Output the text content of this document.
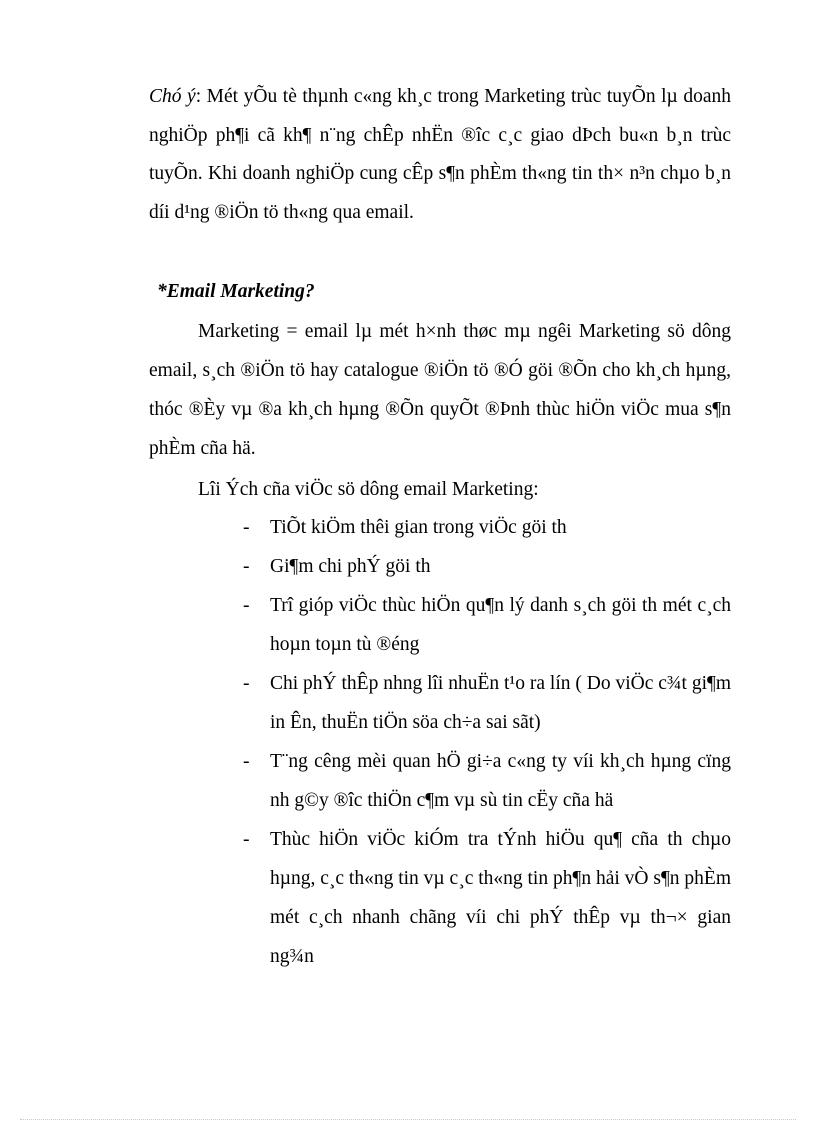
Chó ý: Mét yÕu tè thµnh c«ng kh¸c trong Marketing trùc tuyÕn lµ doanh nghiÖp ph¶i cã kh¶ n¨ng chÊp nhËn ®îc c¸c giao dÞch bu«n b¸n trùc tuyÕn. Khi doanh nghiÖp cung cÊp s¶n phÈm th«ng tin th× n³n chµo b¸n díi d¹ng ®iÖn tö th«ng qua email.
*Email Marketing?
Marketing = email lµ mét h×nh thøc mµ ngêi Marketing sö dông email, s¸ch ®iÖn tö hay catalogue ®iÖn tö ®Ó göi ®Õn cho kh¸ch hµng, thóc ®Èy vµ ®a kh¸ch hµng ®Õn quyÕt ®Þnh thùc hiÖn viÖc mua s¶n phÈm cña hä.
Lîi Ých cña viÖc sö dông email Marketing:
- TiÕt kiÖm thêi gian trong viÖc göi th
- Gi¶m chi phÝ göi th
- Trî gióp viÖc thùc hiÖn qu¶n lý danh s¸ch göi th mét c¸ch hoµn toµn tù ®éng
- Chi phÝ thÊp nhng lîi nhuËn t¹o ra lín ( Do viÖc c¾t gi¶m in Ên, thuËn tiÖn söa ch÷a sai sãt)
- T¨ng cêng mèi quan hÖ gi÷a c«ng ty víi kh¸ch hµng cïng nh g©y ®îc thiÖn c¶m vµ sù tin cËy cña hä
- Thùc hiÖn viÖc kiÓm tra tÝnh hiÖu qu¶ cña th chµo hµng, c¸c th«ng tin vµ c¸c th«ng tin ph¶n hải vÒ s¶n phÈm mét c¸ch nhanh chãng víi chi phÝ thÊp vµ th¬× gian ng¾n
